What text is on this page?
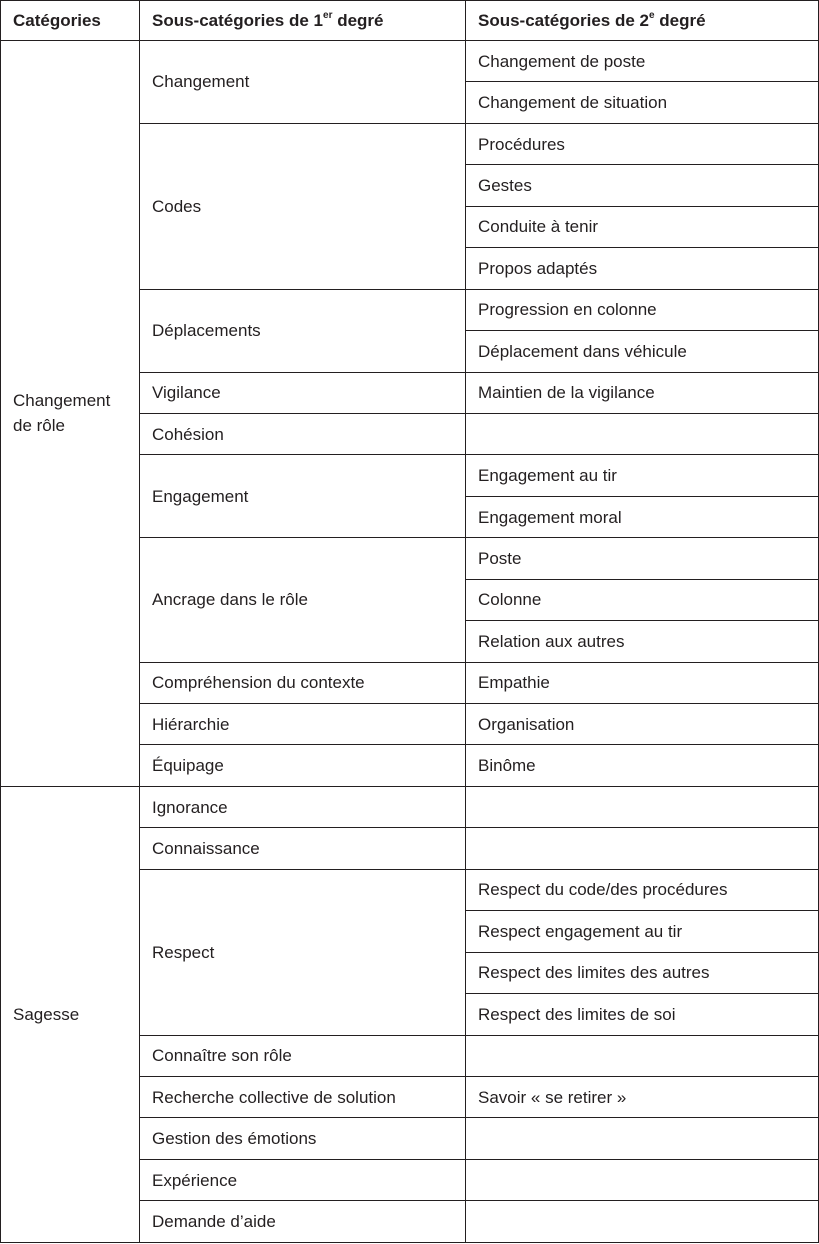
Catégories	Sous-catégories de 1er degré	Sous-catégories de 2e degré
Changement de rôle	Changement	Changement de poste
		Changement de situation
	Codes	Procédures
		Gestes
		Conduite à tenir
		Propos adaptés
	Déplacements	Progression en colonne
		Déplacement dans véhicule
	Vigilance	Maintien de la vigilance
	Cohésion	
	Engagement	Engagement au tir
		Engagement moral
	Ancrage dans le rôle	Poste
		Colonne
		Relation aux autres
	Compréhension du contexte	Empathie
	Hiérarchie	Organisation
	Équipage	Binôme
Sagesse	Ignorance	
	Connaissance	
	Respect	Respect du code/des procédures
		Respect engagement au tir
		Respect des limites des autres
		Respect des limites de soi
	Connaître son rôle	
	Recherche collective de solution	Savoir « se retirer »
	Gestion des émotions	
	Expérience	
	Demande d’aide	
